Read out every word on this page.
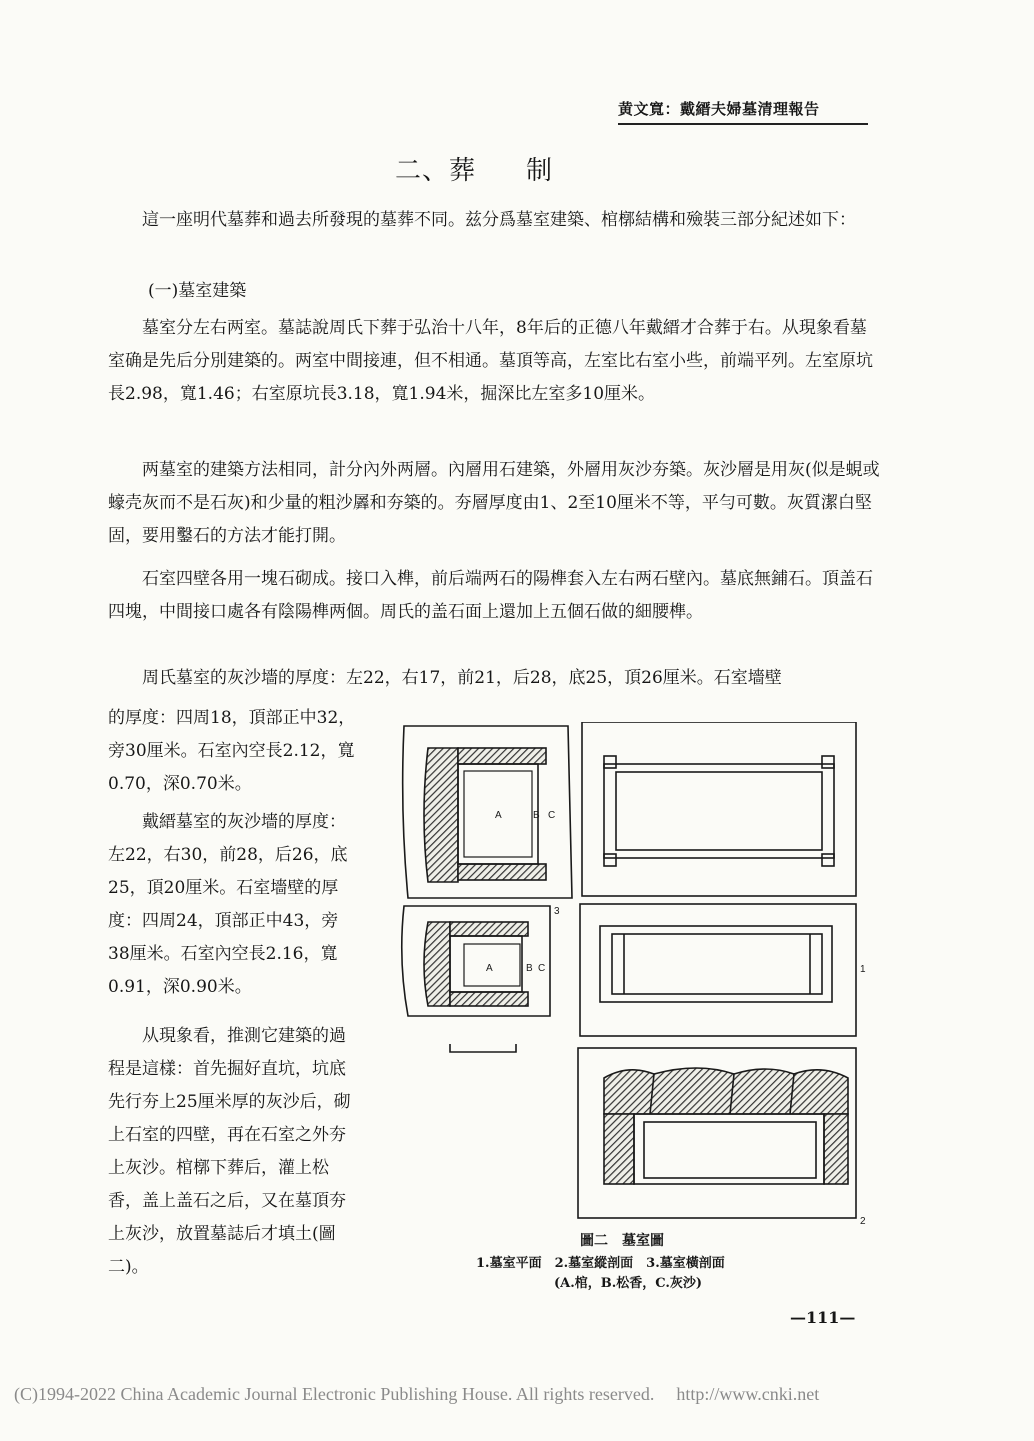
黄文寬：戴縉夫婦墓清理報告
二、葬 制

這一座明代墓葬和過去所發現的墓葬不同。兹分爲墓室建築、棺槨結構和殮裝三部分紀述如下：

(一)墓室建築

墓室分左右两室。墓誌說周氏下葬于弘治十八年，8年后的正德八年戴縉才合葬于右。从現象看墓室确是先后分別建築的。两室中間接連，但不相通。墓頂等高，左室比右室小些，前端平列。左室原坑長2.98，寬1.46；右室原坑長3.18，寬1.94米，掘深比左室多10厘米。

两墓室的建築方法相同，計分內外两層。內層用石建築，外層用灰沙夯築。灰沙層是用灰(似是蜆或蠔壳灰而不是石灰)和少量的粗沙羼和夯築的。夯層厚度由1、2至10厘米不等，平勻可數。灰質潔白堅固，要用鑿石的方法才能打開。

石室四壁各用一塊石砌成。接口入榫，前后端两石的陽榫套入左右两石壁內。墓底無鋪石。頂盖石四塊，中間接口處各有陰陽榫两個。周氏的盖石面上還加上五個石做的細腰榫。

周氏墓室的灰沙墻的厚度：左22，右17，前21，后28，底25，頂26厘米。石室墻壁

的厚度：四周18，頂部正中32，旁30厘米。石室內空長2.12，寬0.70，深0.70米。

戴縉墓室的灰沙墻的厚度：左22，右30，前28，后26，底25，頂20厘米。石室墻壁的厚度：四周24，頂部正中43，旁38厘米。石室內空長2.16，寬0.91，深0.90米。

从現象看，推測它建築的過程是這樣：首先掘好直坑，坑底先行夯上25厘米厚的灰沙后，砌上石室的四壁，再在石室之外夯上灰沙。棺槨下葬后，灌上松香，盖上盖石之后，又在墓頂夯上灰沙，放置墓誌后才填土(圖二)。

A	B C
A	B C	1
2
3
圖二　墓室圖
1.墓室平面　2.墓室縱剖面　3.墓室橫剖面
(A.棺，B.松香，C.灰沙)
—111—
(C)1994-2022 China Academic Journal Electronic Publishing House. All rights reserved. http://www.cnki.net
